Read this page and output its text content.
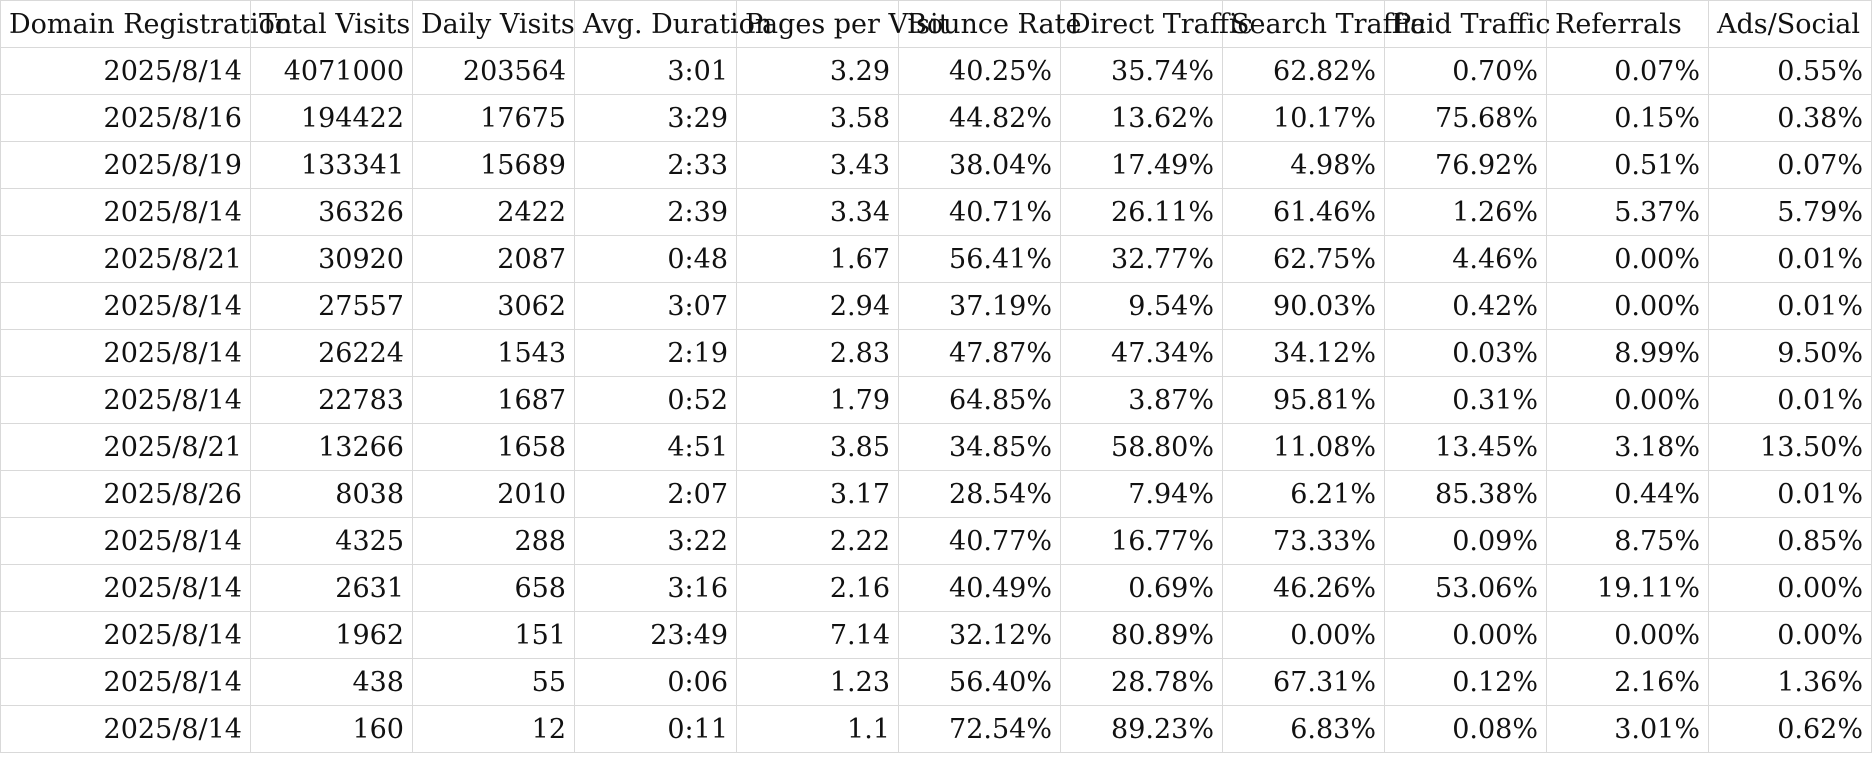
Domain Registration	Total Visits	Daily Visits	Avg. Duration	Pages per Visit	Bounce Rate	Direct Traffic	Search Traffic	Paid Traffic	Referrals	Ads/Social
2025/8/14	4071000	203564	3:01	3.29	40.25%	35.74%	62.82%	0.70%	0.07%	0.55%
2025/8/16	194422	17675	3:29	3.58	44.82%	13.62%	10.17%	75.68%	0.15%	0.38%
2025/8/19	133341	15689	2:33	3.43	38.04%	17.49%	4.98%	76.92%	0.51%	0.07%
2025/8/14	36326	2422	2:39	3.34	40.71%	26.11%	61.46%	1.26%	5.37%	5.79%
2025/8/21	30920	2087	0:48	1.67	56.41%	32.77%	62.75%	4.46%	0.00%	0.01%
2025/8/14	27557	3062	3:07	2.94	37.19%	9.54%	90.03%	0.42%	0.00%	0.01%
2025/8/14	26224	1543	2:19	2.83	47.87%	47.34%	34.12%	0.03%	8.99%	9.50%
2025/8/14	22783	1687	0:52	1.79	64.85%	3.87%	95.81%	0.31%	0.00%	0.01%
2025/8/21	13266	1658	4:51	3.85	34.85%	58.80%	11.08%	13.45%	3.18%	13.50%
2025/8/26	8038	2010	2:07	3.17	28.54%	7.94%	6.21%	85.38%	0.44%	0.01%
2025/8/14	4325	288	3:22	2.22	40.77%	16.77%	73.33%	0.09%	8.75%	0.85%
2025/8/14	2631	658	3:16	2.16	40.49%	0.69%	46.26%	53.06%	19.11%	0.00%
2025/8/14	1962	151	23:49	7.14	32.12%	80.89%	0.00%	0.00%	0.00%	0.00%
2025/8/14	438	55	0:06	1.23	56.40%	28.78%	67.31%	0.12%	2.16%	1.36%
2025/8/14	160	12	0:11	1.1	72.54%	89.23%	6.83%	0.08%	3.01%	0.62%
